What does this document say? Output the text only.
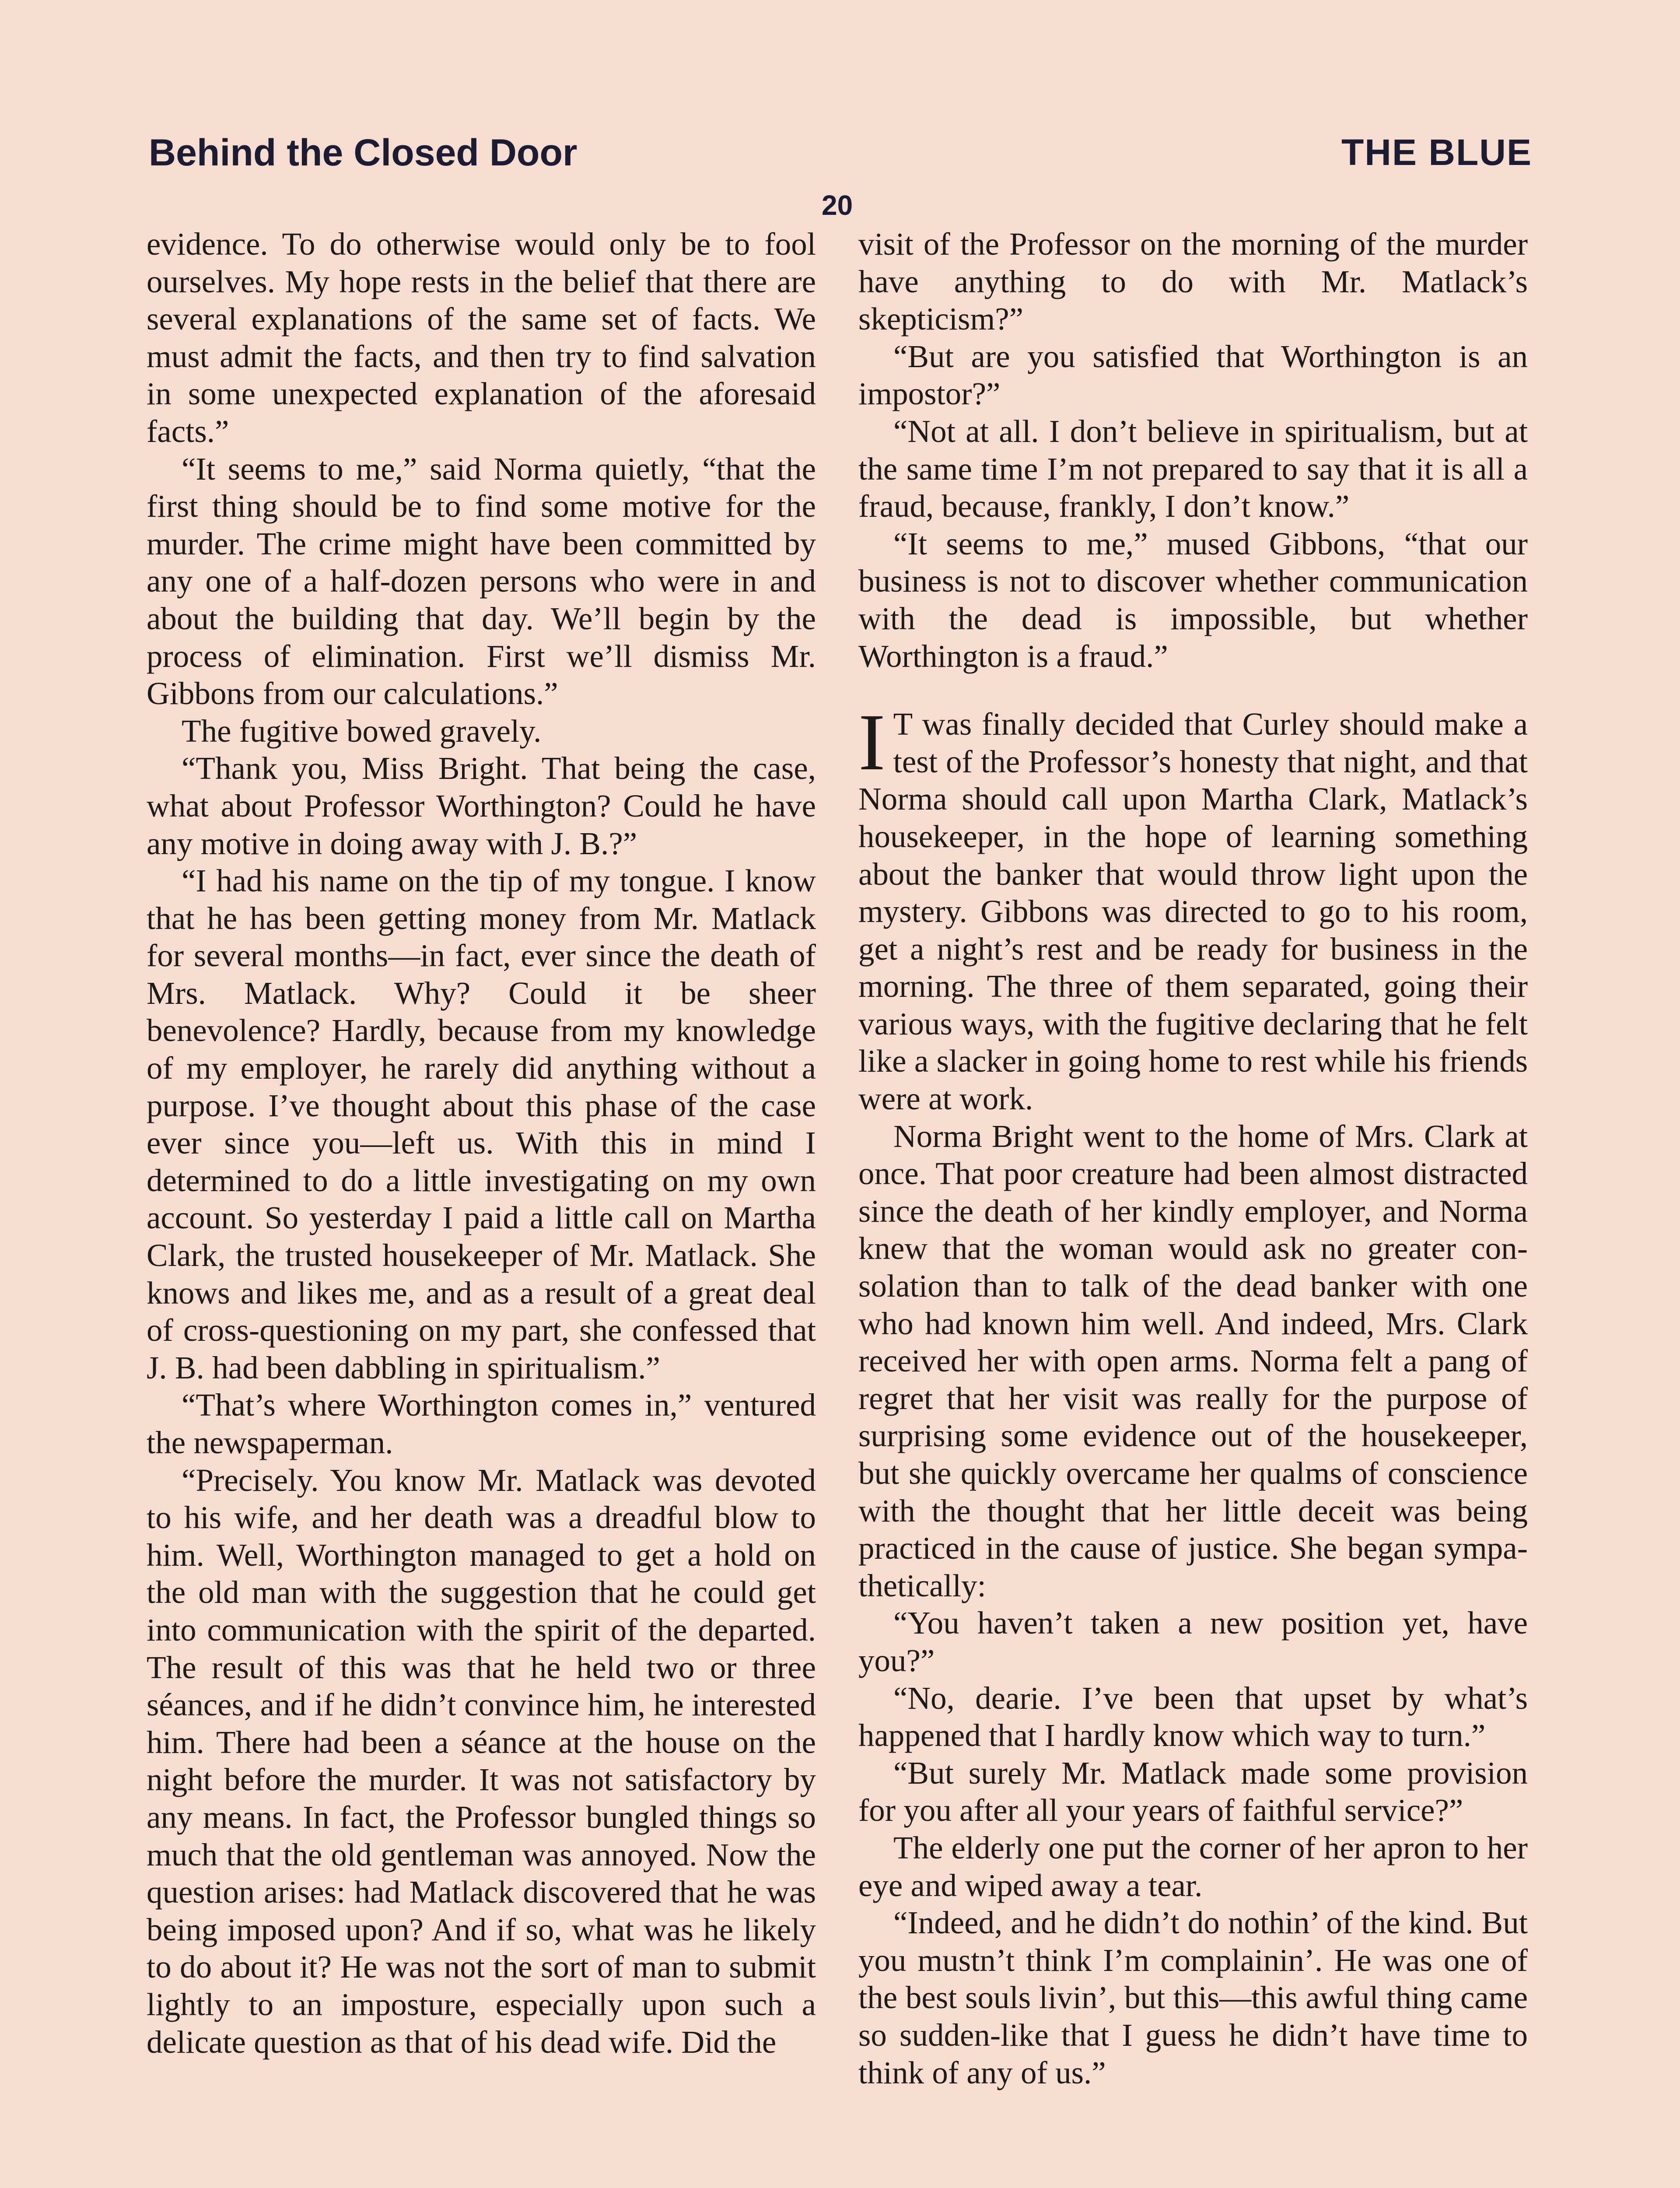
Behind the Closed Door	THE BLUE
20

evidence. To do otherwise would only be to fool ourselves. My hope rests in the belief that there are several explanations of the same set of facts. We must admit the facts, and then try to find salvation in some unexpected explanation of the aforesaid facts.”

“It seems to me,” said Norma quietly, “that the first thing should be to find some motive for the murder. The crime might have been committed by any one of a half-dozen persons who were in and about the building that day. We’ll begin by the process of elimination. First we’ll dismiss Mr. Gibbons from our calculations.”

The fugitive bowed gravely.

“Thank you, Miss Bright. That being the case, what about Professor Worthington? Could he have any motive in doing away with J. B.?”

“I had his name on the tip of my tongue. I know that he has been getting money from Mr. Matlack for several months—in fact, ever since the death of Mrs. Matlack. Why? Could it be sheer benevolence? Hardly, because from my knowledge of my employer, he rarely did anything without a purpose. I’ve thought about this phase of the case ever since you—left us. With this in mind I determined to do a little investigating on my own account. So yesterday I paid a little call on Martha Clark, the trusted housekeeper of Mr. Matlack. She knows and likes me, and as a result of a great deal of cross-questioning on my part, she confessed that J. B. had been dabbling in spiritualism.”

“That’s where Worthington comes in,” ventured the newspaperman.

“Precisely. You know Mr. Matlack was devoted to his wife, and her death was a dreadful blow to him. Well, Worthington managed to get a hold on the old man with the suggestion that he could get into communication with the spirit of the departed. The result of this was that he held two or three séances, and if he didn’t convince him, he interested him. There had been a séance at the house on the night before the murder. It was not satisfactory by any means. In fact, the Professor bungled things so much that the old gentleman was annoyed. Now the question arises: had Matlack discovered that he was being imposed upon? And if so, what was he likely to do about it? He was not the sort of man to submit lightly to an imposture, especially upon such a delicate question as that of his dead wife. Did the

visit of the Professor on the morning of the murder have anything to do with Mr. Matlack’s skepticism?”

“But are you satisfied that Worthington is an impostor?”

“Not at all. I don’t believe in spiritualism, but at the same time I’m not prepared to say that it is all a fraud, because, frankly, I don’t know.”

“It seems to me,” mused Gibbons, “that our business is not to discover whether communication with the dead is impossible, but whether Worthington is a fraud.”

I T was finally decided that Curley should make a test of the Professor’s honesty that night, and that Norma should call upon Martha Clark, Matlack’s housekeeper, in the hope of learning something about the banker that would throw light upon the mystery. Gibbons was directed to go to his room, get a night’s rest and be ready for business in the morning. The three of them separated, going their various ways, with the fugitive declaring that he felt like a slacker in going home to rest while his friends were at work.

Norma Bright went to the home of Mrs. Clark at once. That poor creature had been almost distracted since the death of her kindly employer, and Norma knew that the woman would ask no greater consolation than to talk of the dead banker with one who had known him well. And indeed, Mrs. Clark received her with open arms. Norma felt a pang of regret that her visit was really for the purpose of surprising some evidence out of the housekeeper, but she quickly overcame her qualms of conscience with the thought that her little deceit was being practiced in the cause of justice. She began sympathetically:

“You haven’t taken a new position yet, have you?”

“No, dearie. I’ve been that upset by what’s happened that I hardly know which way to turn.”

“But surely Mr. Matlack made some provision for you after all your years of faithful service?”

The elderly one put the corner of her apron to her eye and wiped away a tear.

“Indeed, and he didn’t do nothin’ of the kind. But you mustn’t think I’m complainin’. He was one of the best souls livin’, but this—this awful thing came so sudden-like that I guess he didn’t have time to think of any of us.”
